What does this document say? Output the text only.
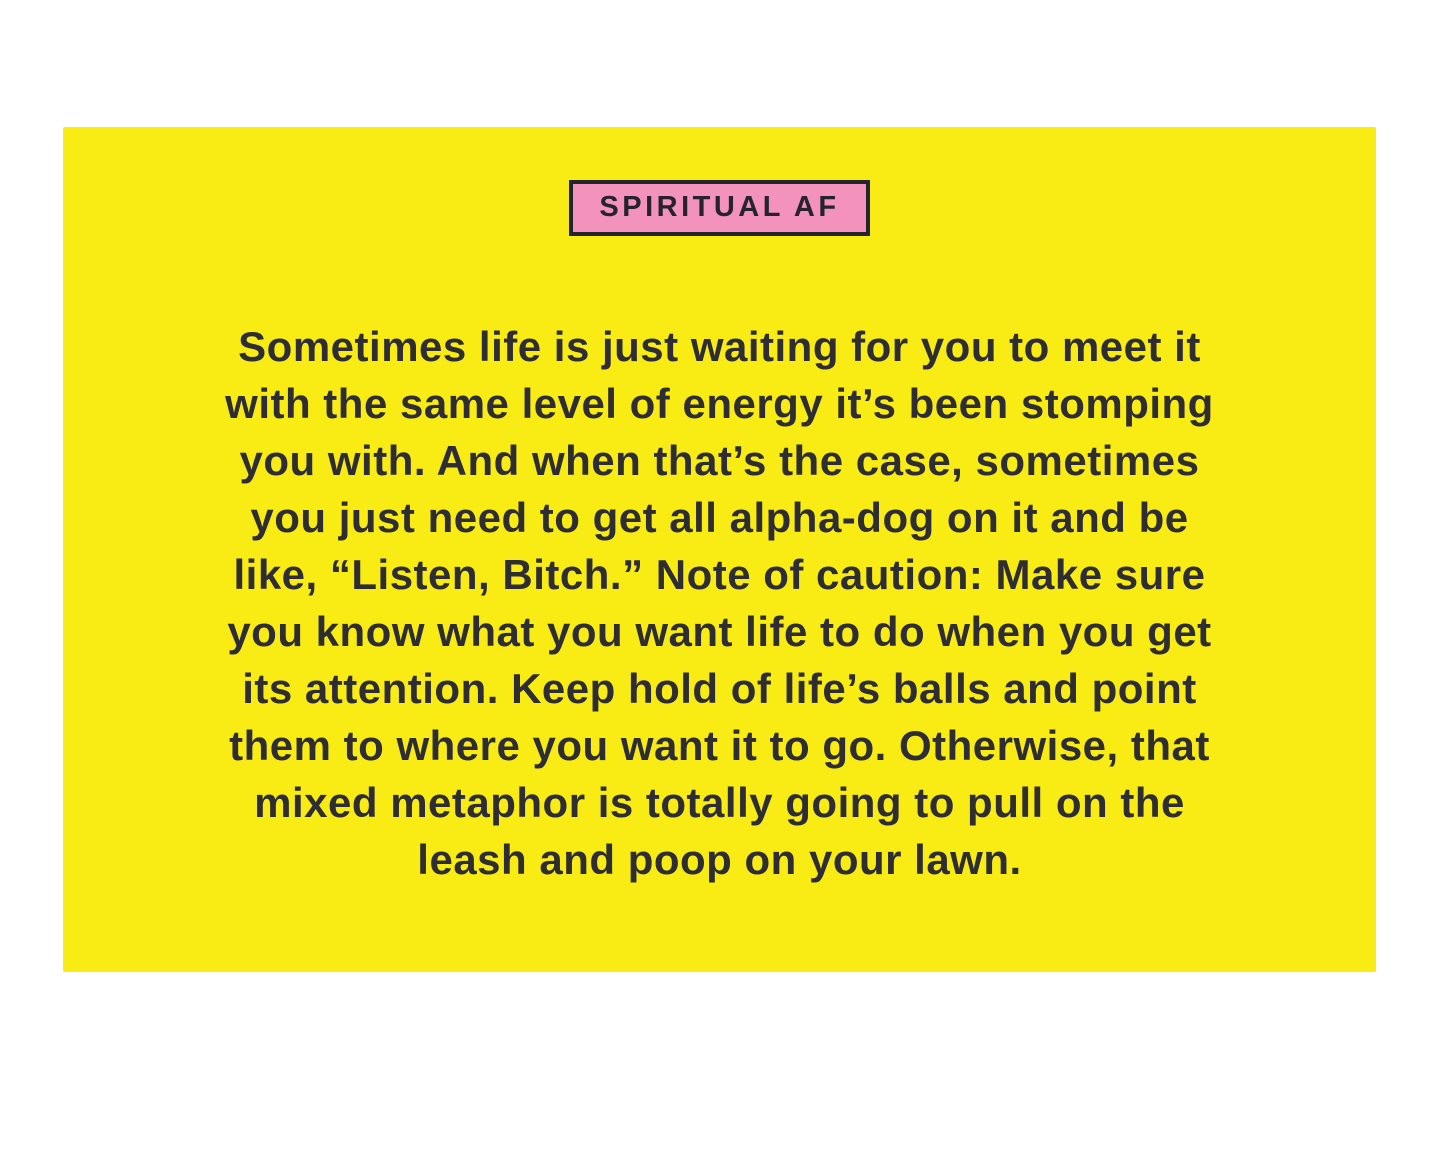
SPIRITUAL AF
Sometimes life is just waiting for you to meet it
with the same level of energy it’s been stomping
you with. And when that’s the case, sometimes
you just need to get all alpha-dog on it and be
like, “Listen, Bitch.” Note of caution: Make sure
you know what you want life to do when you get
its attention. Keep hold of life’s balls and point
them to where you want it to go. Otherwise, that
mixed metaphor is totally going to pull on the
leash and poop on your lawn.
